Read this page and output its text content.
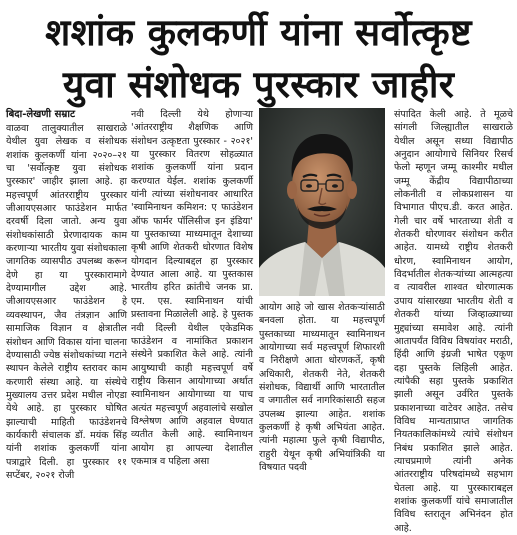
शशांक कुलकर्णी यांना सर्वोत्कृष्ट
युवा संशोधक पुरस्कार जाहीर
बिदा-लेखणी सम्राट

वाळवा तालुक्यातील साखराळे येथील युवा लेखक व संशोधक शशांक कुलकर्णी यांना २०२०–२१ चा 'सर्वोत्कृष्ट युवा संशोधक पुरस्कार' जाहीर झाला आहे. हा महत्त्वपूर्ण आंतरराष्ट्रीय पुरस्कार जीआयएसआर फाउंडेशन मार्फत दरवर्षी दिला जातो. अन्य युवा संशोधकांसाठी प्रेरणादायक काम करणाऱ्या भारतीय युवा संशोधकाला जागतिक व्यासपीठ उपलब्ध करून देणे हा या पुरस्कारामागे देण्यामागील उद्देश आहे. जीआयएसआर फाउंडेशन हे व्यवस्थापन, जैव तंत्रज्ञान आणि सामाजिक विज्ञान व क्षेत्रातील संशोधन आणि विकास यांना चालना देण्यासाठी ज्येष्ठ संशोधकांच्या गटाने स्थापन केलेले राष्ट्रीय स्तरावर काम करणारी संस्था आहे. या संस्थेचे मुख्यालय उत्तर प्रदेश मधील नोएडा येथे आहे. हा पुरस्कार घोषित झाल्याची माहिती फाउंडेशनचे कार्यकारी संचालक डॉ. मयंक सिंह यांनी शशांक कुलकर्णी यांना पत्राद्वारे दिली. हा पुरस्कार ११ सप्टेंबर, २०२१ रोजी

नवी दिल्ली येथे होणाऱ्या 'आंतरराष्ट्रीय शैक्षणिक आणि संशोधन उत्कृष्टता पुरस्कार - २०२१' या पुरस्कार वितरण सोहळ्यात शशांक कुलकर्णी यांना प्रदान करण्यात येईल. शशांक कुलकर्णी यांनी त्यांच्या संशोधनावर आधारित 'स्वामिनाथन कमिशन: ए फाउंडेशन ऑफ फार्मर पॉलिसीज इन इंडिया' या पुस्तकाच्या माध्यमातून देशाच्या कृषी आणि शेतकरी धोरणात विशेष योगदान दिल्याबद्दल हा पुरस्कार देण्यात आला आहे. या पुस्तकास भारतीय हरित क्रांतीचे जनक प्रा. एम. एस. स्वामिनाथन यांची प्रस्तावना मिळालेली आहे. हे पुस्तक नवी दिल्ली येथील एकेडमिक फाउंडेशन व नामांकित प्रकाशन संस्थेने प्रकाशित केले आहे. त्यांनी आयुष्याची काही महत्त्वपूर्ण वर्षे राष्ट्रीय किसान आयोगाच्या अर्थात स्वामिनाथन आयोगाच्या या पाच अत्यंत महत्त्वपूर्ण अहवालांचे सखोल विश्लेषण आणि अहवाल घेण्यात व्यतीत केली आहे. स्वामिनाथन आयोग हा आपल्या देशातील एकमात्र व पहिला असा

आयोग आहे जो खास शेतकऱ्यांसाठी बनवला होता. या महत्त्वपूर्ण पुस्तकाच्या माध्यमातून स्वामिनाथन आयोगाच्या सर्व महत्त्वपूर्ण शिफारशी व निरीक्षणे आता धोरणकर्ते, कृषी अधिकारी, शेतकरी नेते, शेतकरी संशोधक, विद्यार्थी आणि भारतातील व जगातील सर्व नागरिकांसाठी सहज उपलब्ध झाल्या आहेत. शशांक कुलकर्णी हे कृषी अभियंता आहेत. त्यांनी महात्मा फुले कृषी विद्यापीठ, राहुरी येथून कृषी अभियांत्रिकी या विषयात पदवी

संपादित केली आहे. ते मूळचे सांगली जिल्ह्यातील साखराळे येथील असून सध्या विद्यापीठ अनुदान आयोगाचे सिनियर रिसर्च फेलो म्हणून जम्मू काश्मीर मधील जम्मू केंद्रीय विद्यापीठाच्या लोकनीती व लोकप्रशासन या विभागात पीएच.डी. करत आहेत. गेली चार वर्षे भारताच्या शेती व शेतकरी धोरणावर संशोधन करीत आहेत. यामध्ये राष्ट्रीय शेतकरी धोरण, स्वामिनाथन आयोग, विदर्भातील शेतकऱ्यांच्या आत्महत्या व त्यावरील शाश्वत धोरणात्मक उपाय यांसारख्या भारतीय शेती व शेतकरी यांच्या जिव्हाळ्याच्या मुद्द्यांच्या समावेश आहे. त्यांनी आतापर्यंत विविध विषयांवर मराठी, हिंदी आणि इंग्रजी भाषेत एकूण दहा पुस्तके लिहिली आहेत. त्यांपैकी सहा पुस्तके प्रकाशित झाली असून उर्वरित पुस्तके प्रकाशनाच्या वाटेवर आहेत. तसेच विविध मान्यताप्राप्त जागतिक नियतकालिकांमध्ये त्यांचे संशोधन निबंध प्रकाशित झाले आहेत. त्याचप्रमाणे त्यांनी अनेक आंतरराष्ट्रीय परिषदांमध्ये सहभाग घेतला आहे. या पुरस्काराबद्दल शशांक कुलकर्णी यांचे समाजातील विविध स्तरातून अभिनंदन होत आहे.
